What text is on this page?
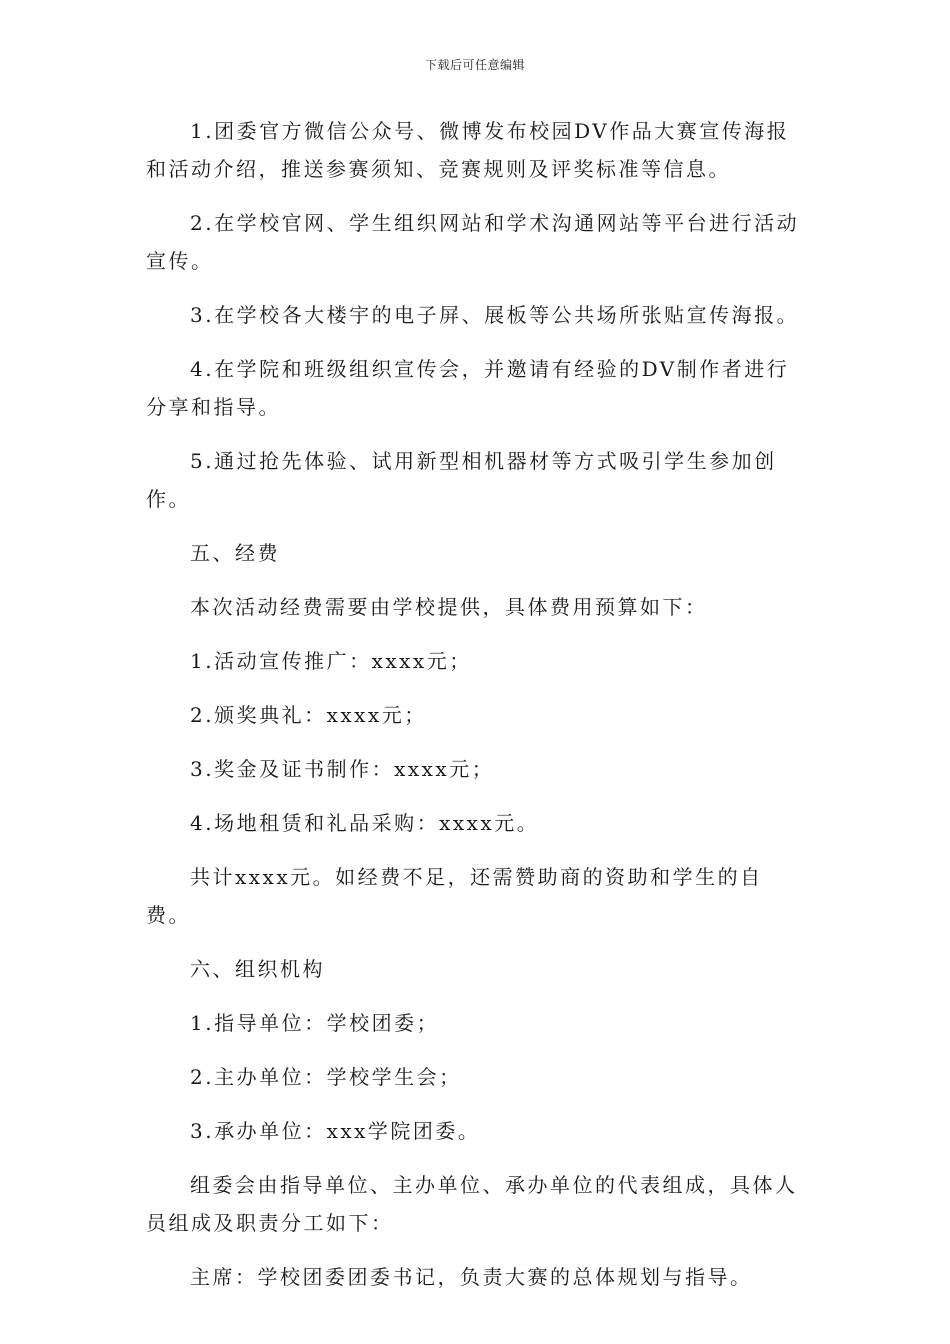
下载后可任意编辑

1.团委官方微信公众号、微博发布校园DV作品大赛宣传海报和活动介绍，推送参赛须知、竞赛规则及评奖标准等信息。

2.在学校官网、学生组织网站和学术沟通网站等平台进行活动宣传。

3.在学校各大楼宇的电子屏、展板等公共场所张贴宣传海报。

4.在学院和班级组织宣传会，并邀请有经验的DV制作者进行分享和指导。

5.通过抢先体验、试用新型相机器材等方式吸引学生参加创作。

五、经费

本次活动经费需要由学校提供，具体费用预算如下：

1.活动宣传推广：xxxx元；

2.颁奖典礼：xxxx元；

3.奖金及证书制作：xxxx元；

4.场地租赁和礼品采购：xxxx元。

共计xxxx元。如经费不足，还需赞助商的资助和学生的自费。

六、组织机构

1.指导单位：学校团委；

2.主办单位：学校学生会；

3.承办单位：xxx学院团委。

组委会由指导单位、主办单位、承办单位的代表组成，具体人员组成及职责分工如下：

主席：学校团委团委书记，负责大赛的总体规划与指导。
